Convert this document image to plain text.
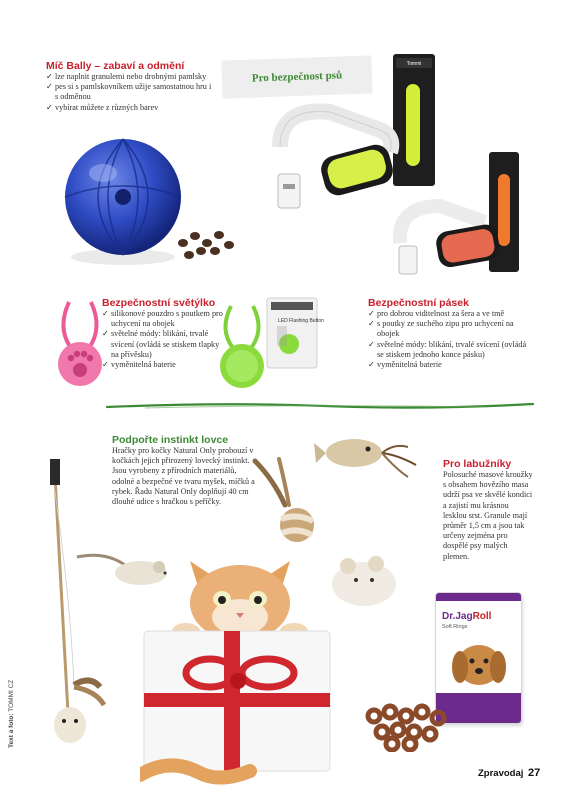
Míč Bally – zabaví a odmění
✓ lze naplnit granulemi nebo drobnými pamlsky
✓ pes si s pamlskovníkem užije samostatnou hru i s odměnou
✓ vybírat můžete z různých barev
Pro bezpečnost psů
Tommi
Bezpečnostní světýlko
✓ silikonové pouzdro s poutkem pro uchycení na obojek
✓ světelné módy: blikání, trvalé svícení (ovládá se stiskem tlapky na přívěsku)
✓ vyměnitelná baterie
LED Flashing Button
Bezpečnostní pásek
✓ pro dobrou viditelnost za šera a ve tmě
✓ s poutky ze suchého zipu pro uchycení na obojek
✓ světelné módy: blikání, trvalé svícení (ovládá se stiskem jednoho konce pásku)
✓ vyměnitelná baterie
Podpořte instinkt lovce
Hračky pro kočky Natural Only probouzí v kočkách jejich přirozený lovecký instinkt. Jsou vyrobeny z přírodních materiálů, odolné a bezpečné ve tvaru myšek, míčků a rybek. Řadu Natural Only doplňují 40 cm dlouhé udice s hračkou s peříčky.
Pro labužníky
Polosuché masové kroužky s obsahem hovězího masa udrží psa ve skvělé kondici a zajistí mu krásnou lesklou srst. Granule mají průměr 1,5 cm a jsou tak určeny zejména pro dospělé psy malých plemen.
Dr.JagRoll
Soft Rings
Text a foto: TOMMI CZ
Zpravodaj 27
